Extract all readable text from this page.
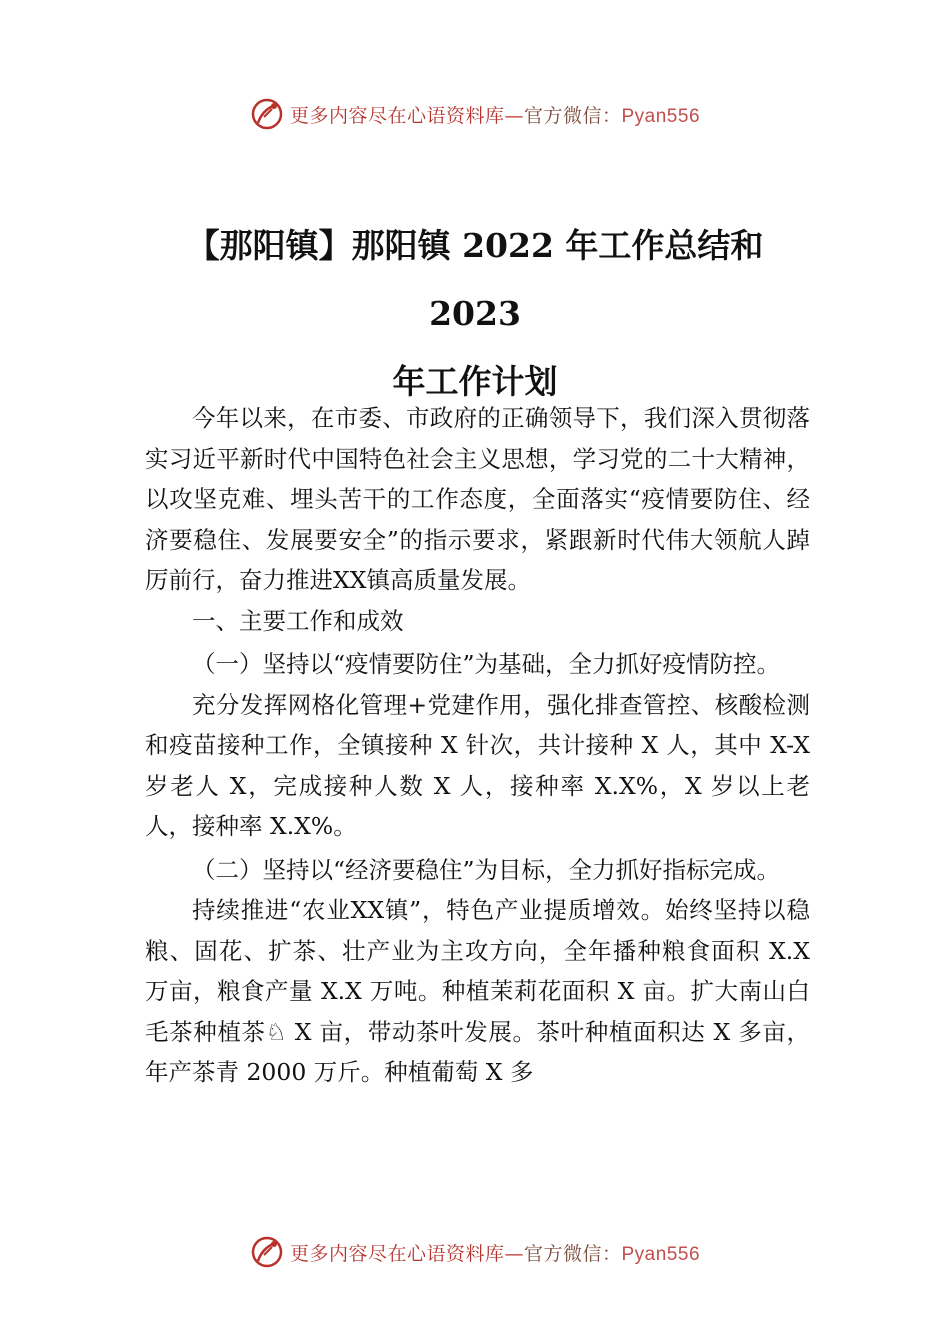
更多内容尽在心语资料库—官方微信：Pyan556
【那阳镇】那阳镇 2022 年工作总结和 2023
年工作计划

今年以来，在市委、市政府的正确领导下，我们深入贯彻落实习近平新时代中国特色社会主义思想，学习党的二十大精神，以攻坚克难、埋头苦干的工作态度，全面落实“疫情要防住、经济要稳住、发展要安全”的指示要求，紧跟新时代伟大领航人踔厉前行，奋力推进XX镇高质量发展。

一、主要工作和成效

（一）坚持以“疫情要防住”为基础，全力抓好疫情防控。

充分发挥网格化管理+党建作用，强化排查管控、核酸检测和疫苗接种工作，全镇接种 X 针次，共计接种 X 人，其中 X-X 岁老人 X，完成接种人数 X 人，接种率 X.X%，X 岁以上老人，接种率 X.X%。

（二）坚持以“经济要稳住”为目标，全力抓好指标完成。

持续推进“农业XX镇”，特色产业提质增效。始终坚持以稳粮、固花、扩茶、壮产业为主攻方向，全年播种粮食面积 X.X 万亩，粮食产量 X.X 万吨。种植茉莉花面积 X 亩。扩大南山白毛茶种植茶♘ X 亩，带动茶叶发展。茶叶种植面积达 X 多亩，年产茶青 2000 万斤。种植葡萄 X 多

更多内容尽在心语资料库—官方微信：Pyan556
